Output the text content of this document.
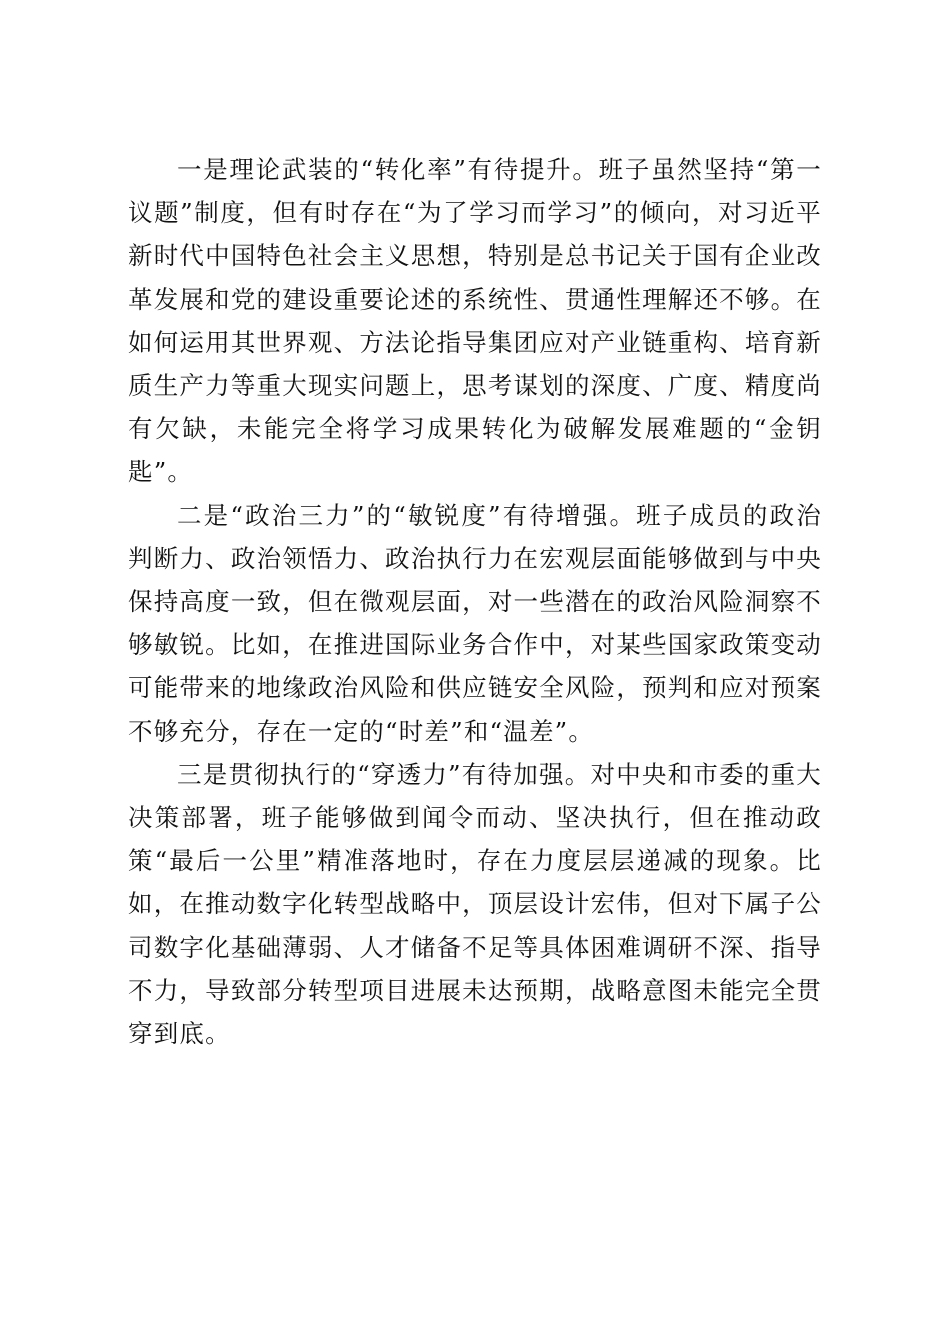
一是理论武装的“转化率”有待提升。班子虽然坚持“第一议题”制度，但有时存在“为了学习而学习”的倾向，对习近平新时代中国特色社会主义思想，特别是总书记关于国有企业改革发展和党的建设重要论述的系统性、贯通性理解还不够。在如何运用其世界观、方法论指导集团应对产业链重构、培育新质生产力等重大现实问题上，思考谋划的深度、广度、精度尚有欠缺，未能完全将学习成果转化为破解发展难题的“金钥匙”。

二是“政治三力”的“敏锐度”有待增强。班子成员的政治判断力、政治领悟力、政治执行力在宏观层面能够做到与中央保持高度一致，但在微观层面，对一些潜在的政治风险洞察不够敏锐。比如，在推进国际业务合作中，对某些国家政策变动可能带来的地缘政治风险和供应链安全风险，预判和应对预案不够充分，存在一定的“时差”和“温差”。

三是贯彻执行的“穿透力”有待加强。对中央和市委的重大决策部署，班子能够做到闻令而动、坚决执行，但在推动政策“最后一公里”精准落地时，存在力度层层递减的现象。比如，在推动数字化转型战略中，顶层设计宏伟，但对下属子公司数字化基础薄弱、人才储备不足等具体困难调研不深、指导不力，导致部分转型项目进展未达预期，战略意图未能完全贯穿到底。
